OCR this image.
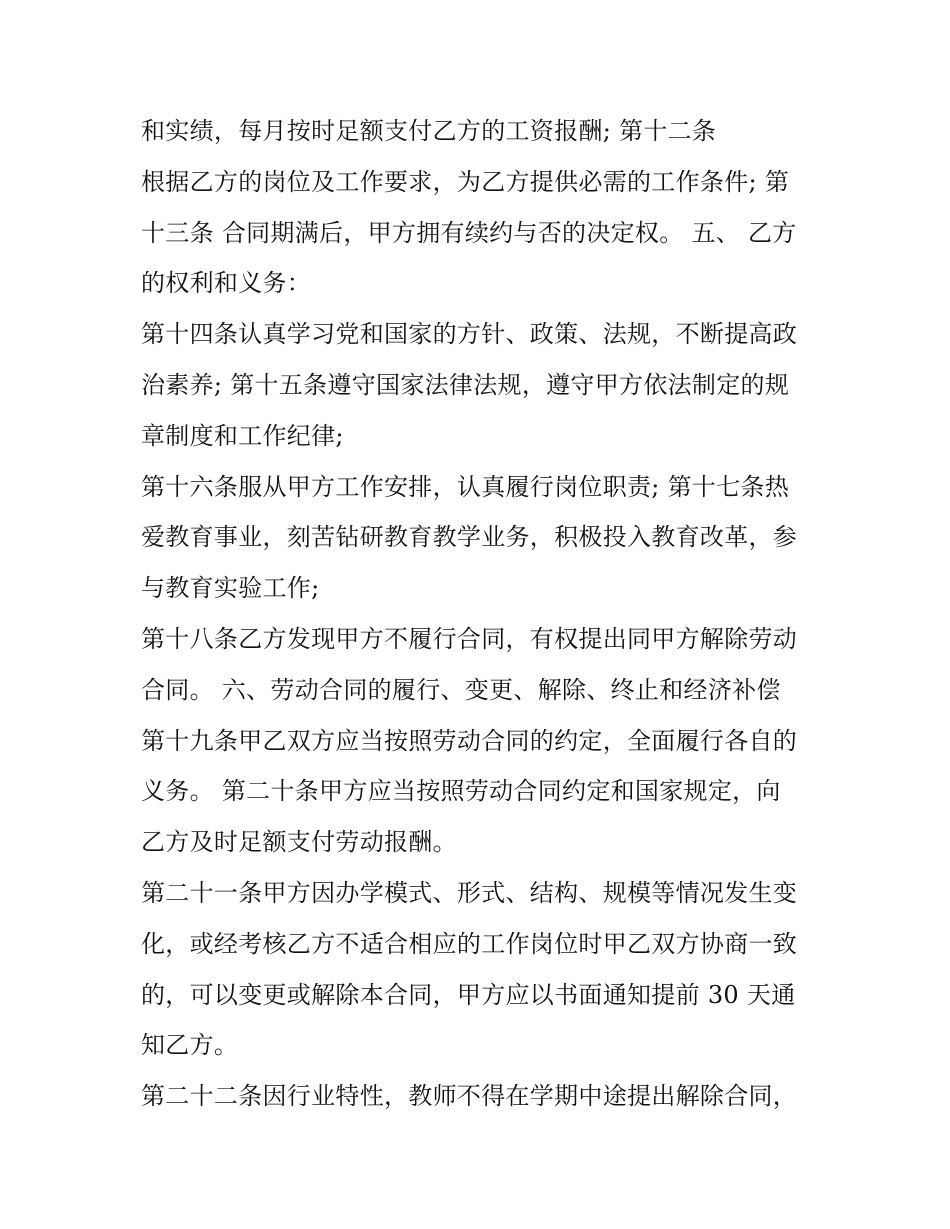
和实绩，每月按时足额支付乙方的工资报酬; 第十二条
根据乙方的岗位及工作要求，为乙方提供必需的工作条件; 第
十三条 合同期满后，甲方拥有续约与否的决定权。 五、 乙方
的权利和义务：
第十四条认真学习党和国家的方针、政策、法规，不断提高政
治素养; 第十五条遵守国家法律法规，遵守甲方依法制定的规
章制度和工作纪律;
第十六条服从甲方工作安排，认真履行岗位职责; 第十七条热
爱教育事业，刻苦钻研教育教学业务，积极投入教育改革，参
与教育实验工作;
第十八条乙方发现甲方不履行合同，有权提出同甲方解除劳动
合同。 六、劳动合同的履行、变更、解除、终止和经济补偿
第十九条甲乙双方应当按照劳动合同的约定，全面履行各自的
义务。 第二十条甲方应当按照劳动合同约定和国家规定，向
乙方及时足额支付劳动报酬。
第二十一条甲方因办学模式、形式、结构、规模等情况发生变
化，或经考核乙方不适合相应的工作岗位时甲乙双方协商一致
的，可以变更或解除本合同，甲方应以书面通知提前 30 天通
知乙方。
第二十二条因行业特性，教师不得在学期中途提出解除合同，
